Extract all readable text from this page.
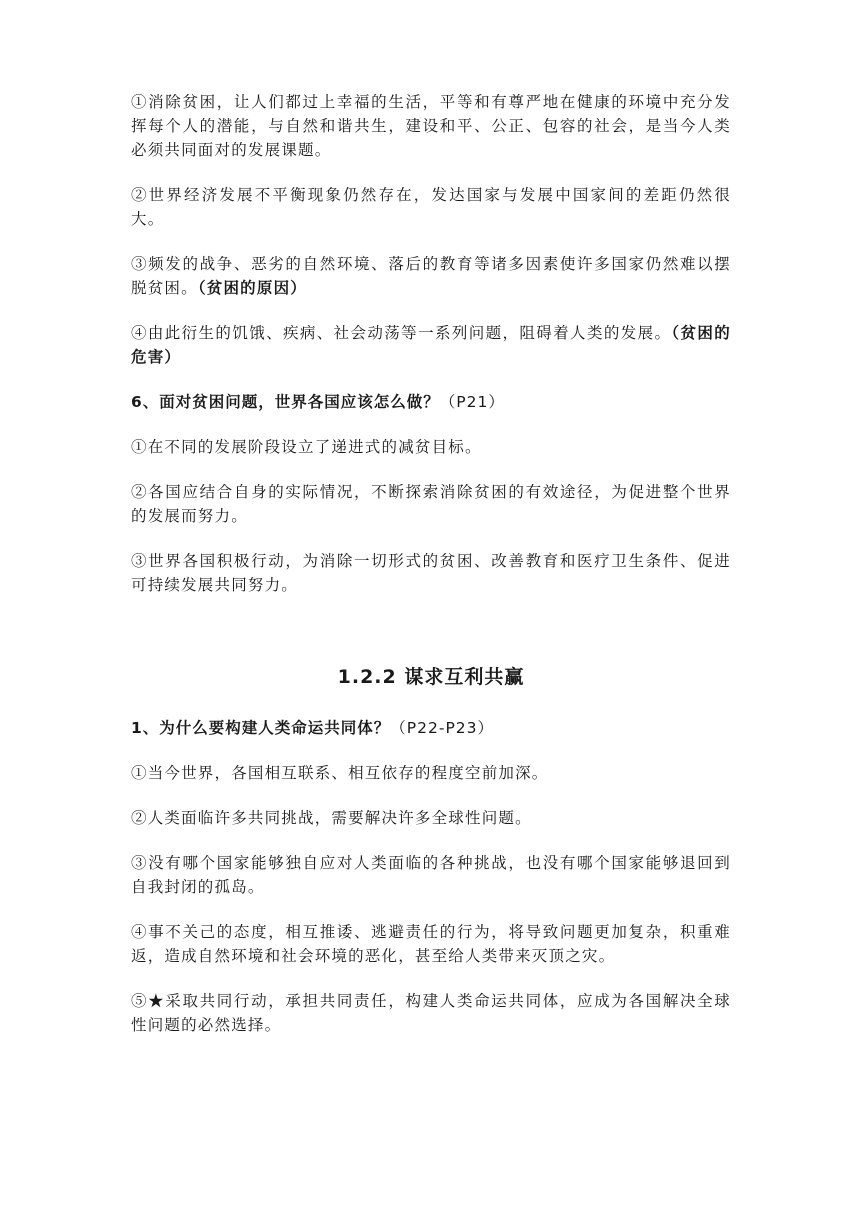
①消除贫困，让人们都过上幸福的生活，平等和有尊严地在健康的环境中充分发挥每个人的潜能，与自然和谐共生，建设和平、公正、包容的社会，是当今人类必须共同面对的发展课题。

②世界经济发展不平衡现象仍然存在，发达国家与发展中国家间的差距仍然很大。

③频发的战争、恶劣的自然环境、落后的教育等诸多因素使许多国家仍然难以摆脱贫困。（贫困的原因）

④由此衍生的饥饿、疾病、社会动荡等一系列问题，阻碍着人类的发展。（贫困的危害）

6、面对贫困问题，世界各国应该怎么做？（P21）

①在不同的发展阶段设立了递进式的减贫目标。

②各国应结合自身的实际情况，不断探索消除贫困的有效途径，为促进整个世界的发展而努力。

③世界各国积极行动，为消除一切形式的贫困、改善教育和医疗卫生条件、促进可持续发展共同努力。

1.2.2 谋求互利共赢

1、为什么要构建人类命运共同体？（P22-P23）

①当今世界，各国相互联系、相互依存的程度空前加深。

②人类面临许多共同挑战，需要解决许多全球性问题。

③没有哪个国家能够独自应对人类面临的各种挑战，也没有哪个国家能够退回到自我封闭的孤岛。

④事不关己的态度，相互推诿、逃避责任的行为，将导致问题更加复杂，积重难返，造成自然环境和社会环境的恶化，甚至给人类带来灭顶之灾。

⑤★采取共同行动，承担共同责任，构建人类命运共同体，应成为各国解决全球性问题的必然选择。
